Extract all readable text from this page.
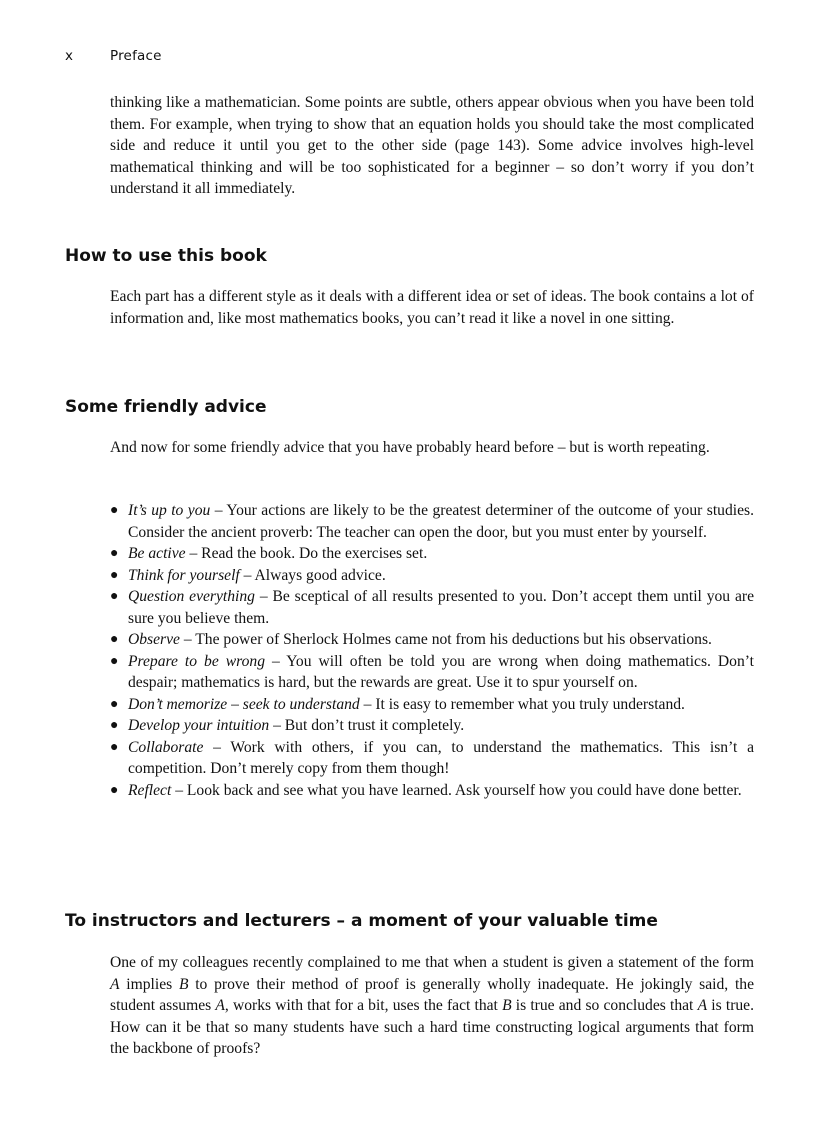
x	Preface

thinking like a mathematician. Some points are subtle, others appear obvious when you have been told them. For example, when trying to show that an equation holds you should take the most complicated side and reduce it until you get to the other side (page 143). Some advice involves high-level mathematical thinking and will be too sophisticated for a beginner – so don’t worry if you don’t understand it all immediately.

How to use this book

Each part has a different style as it deals with a different idea or set of ideas. The book contains a lot of information and, like most mathematics books, you can’t read it like a novel in one sitting.

Some friendly advice

And now for some friendly advice that you have probably heard before – but is worth repeating.

● It’s up to you – Your actions are likely to be the greatest determiner of the outcome of your studies. Consider the ancient proverb: The teacher can open the door, but you must enter by yourself.
● Be active – Read the book. Do the exercises set.
● Think for yourself – Always good advice.
● Question everything – Be sceptical of all results presented to you. Don’t accept them until you are sure you believe them.
● Observe – The power of Sherlock Holmes came not from his deductions but his observations.
● Prepare to be wrong – You will often be told you are wrong when doing mathematics. Don’t despair; mathematics is hard, but the rewards are great. Use it to spur yourself on.
● Don’t memorize – seek to understand – It is easy to remember what you truly understand.
● Develop your intuition – But don’t trust it completely.
● Collaborate – Work with others, if you can, to understand the mathematics. This isn’t a competition. Don’t merely copy from them though!
● Reflect – Look back and see what you have learned. Ask yourself how you could have done better.
To instructors and lecturers – a moment of your valuable time

One of my colleagues recently complained to me that when a student is given a statement of the form A implies B to prove their method of proof is generally wholly inadequate. He jokingly said, the student assumes A, works with that for a bit, uses the fact that B is true and so concludes that A is true. How can it be that so many students have such a hard time constructing logical arguments that form the backbone of proofs?
